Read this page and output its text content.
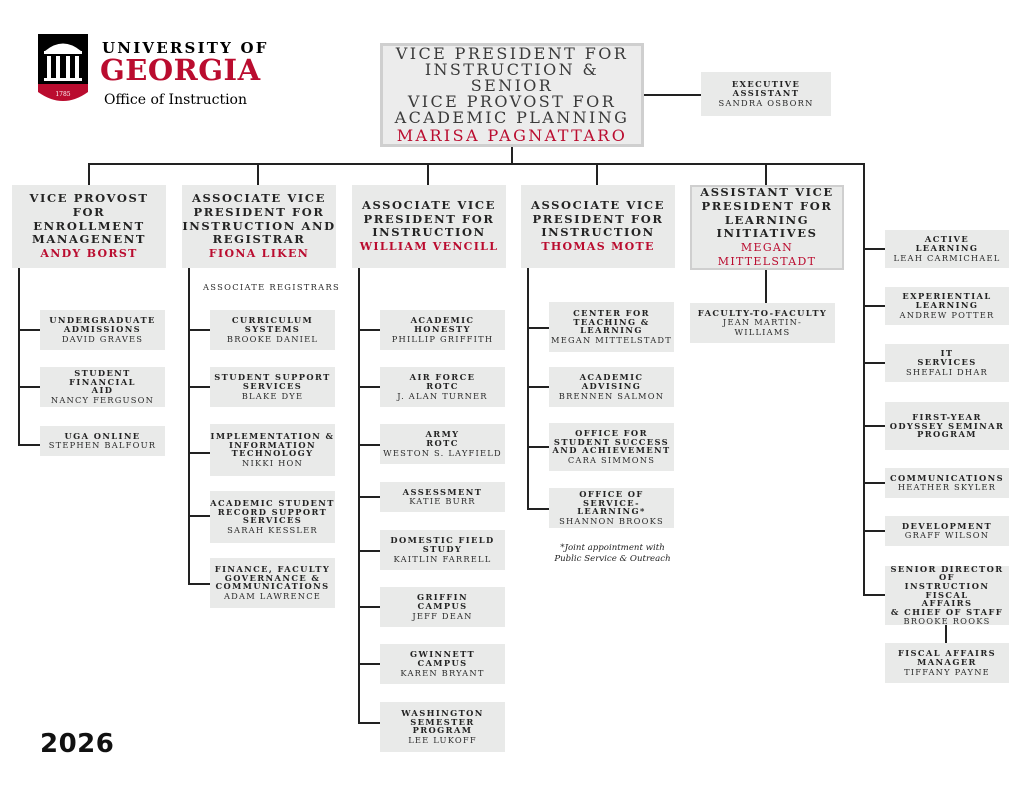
1785
UNIVERSITY OF
GEORGIA
Office of Instruction
VICE PRESIDENT FOR
INSTRUCTION & SENIOR
VICE PROVOST FOR
ACADEMIC PLANNING
MARISA PAGNATTARO
EXECUTIVE
ASSISTANT
SANDRA OSBORN
VICE PROVOST FOR
ENROLLMENT
MANAGENENT
ANDY BORST
ASSOCIATE VICE
PRESIDENT FOR
INSTRUCTION AND
REGISTRAR
FIONA LIKEN
ASSOCIATE VICE
PRESIDENT FOR
INSTRUCTION
WILLIAM VENCILL
ASSOCIATE VICE
PRESIDENT FOR
INSTRUCTION
THOMAS MOTE
ASSISTANT VICE
PRESIDENT FOR
LEARNING
INITIATIVES
MEGAN MITTELSTADT
ASSOCIATE REGISTRARS
UNDERGRADUATE
ADMISSIONS
DAVID GRAVES
STUDENT FINANCIAL
AID
NANCY FERGUSON
UGA ONLINE
STEPHEN BALFOUR
CURRICULUM
SYSTEMS
BROOKE DANIEL
STUDENT SUPPORT
SERVICES
BLAKE DYE
IMPLEMENTATION &
INFORMATION
TECHNOLOGY
NIKKI HON
ACADEMIC STUDENT
RECORD SUPPORT
SERVICES
SARAH KESSLER
FINANCE, FACULTY
GOVERNANCE &
COMMUNICATIONS
ADAM LAWRENCE
ACADEMIC
HONESTY
PHILLIP GRIFFITH
AIR FORCE
ROTC
J. ALAN TURNER
ARMY
ROTC
WESTON S. LAYFIELD
ASSESSMENT
KATIE BURR
DOMESTIC FIELD
STUDY
KAITLIN FARRELL
GRIFFIN
CAMPUS
JEFF DEAN
GWINNETT
CAMPUS
KAREN BRYANT
WASHINGTON
SEMESTER
PROGRAM
LEE LUKOFF
CENTER FOR
TEACHING &
LEARNING
MEGAN MITTELSTADT
ACADEMIC
ADVISING
BRENNEN SALMON
OFFICE FOR
STUDENT SUCCESS
AND ACHIEVEMENT
CARA SIMMONS
OFFICE OF
SERVICE-LEARNING*
SHANNON BROOKS
*Joint appointment with
Public Service & Outreach
FACULTY-TO-FACULTY
JEAN MARTIN-
WILLIAMS
ACTIVE
LEARNING
LEAH CARMICHAEL
EXPERIENTIAL
LEARNING
ANDREW POTTER
IT
SERVICES
SHEFALI DHAR
FIRST-YEAR
ODYSSEY SEMINAR
PROGRAM
COMMUNICATIONS
HEATHER SKYLER
DEVELOPMENT
GRAFF WILSON
SENIOR DIRECTOR OF
INSTRUCTION FISCAL
AFFAIRS
& CHIEF OF STAFF
BROOKE ROOKS
FISCAL AFFAIRS
MANAGER
TIFFANY PAYNE
2026
